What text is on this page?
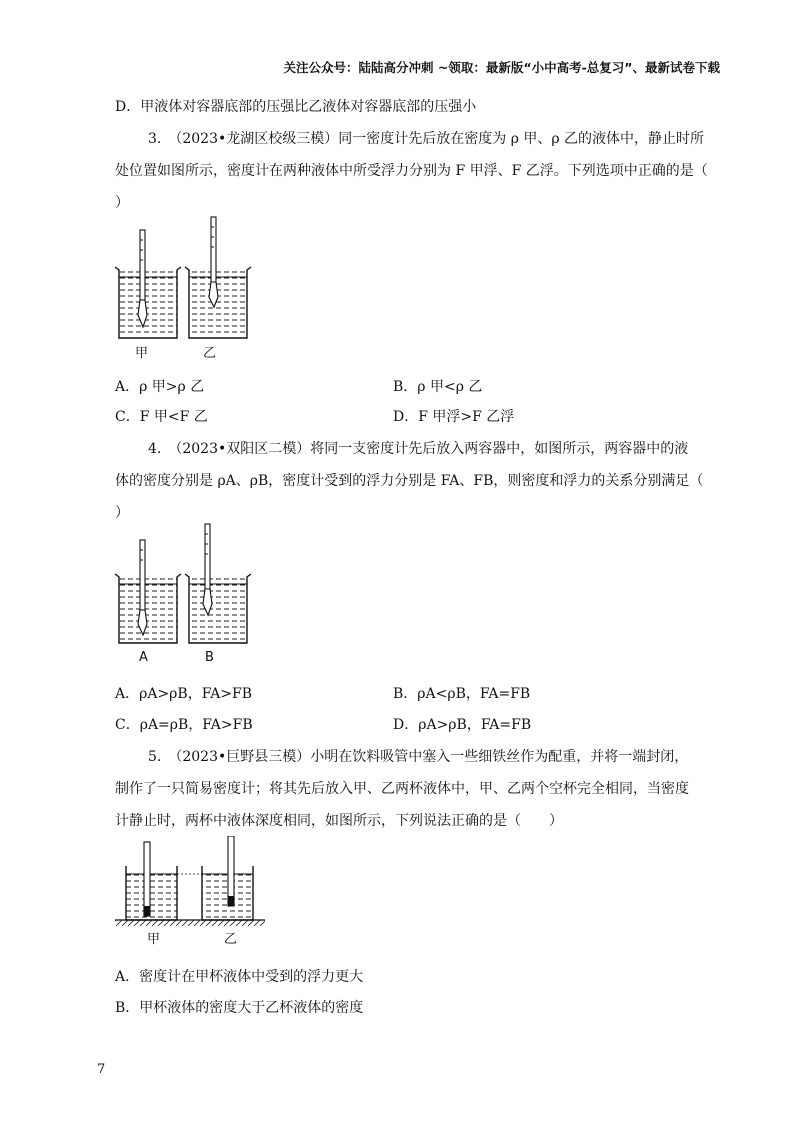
关注公众号：陆陆高分冲刺 ~领取：最新版“小中高考-总复习”、最新试卷下载
D．甲液体对容器底部的压强比乙液体对容器底部的压强小
3.　（2023•龙湖区校级三模）同一密度计先后放在密度为 ρ 甲、ρ 乙的液体中，静止时所
处位置如图所示，密度计在两种液体中所受浮力分别为 F 甲浮、F 乙浮。下列选项中正确的是（
）
甲	乙
A．ρ 甲>ρ 乙	B．ρ 甲<ρ 乙
C．F 甲<F 乙	D．F 甲浮>F 乙浮
4.　（2023•双阳区二模）将同一支密度计先后放入两容器中，如图所示，两容器中的液
体的密度分别是 ρA、ρB，密度计受到的浮力分别是 FA、FB，则密度和浮力的关系分别满足（
）
A	B
A．ρA>ρB，FA>FB	B．ρA<ρB，FA=FB
C．ρA=ρB，FA>FB	D．ρA>ρB，FA=FB
5.　（2023•巨野县三模）小明在饮料吸管中塞入一些细铁丝作为配重，并将一端封闭，
制作了一只简易密度计；将其先后放入甲、乙两杯液体中，甲、乙两个空杯完全相同，当密度
计静止时，两杯中液体深度相同，如图所示，下列说法正确的是（　　）
甲	乙
A．密度计在甲杯液体中受到的浮力更大
B．甲杯液体的密度大于乙杯液体的密度
7
